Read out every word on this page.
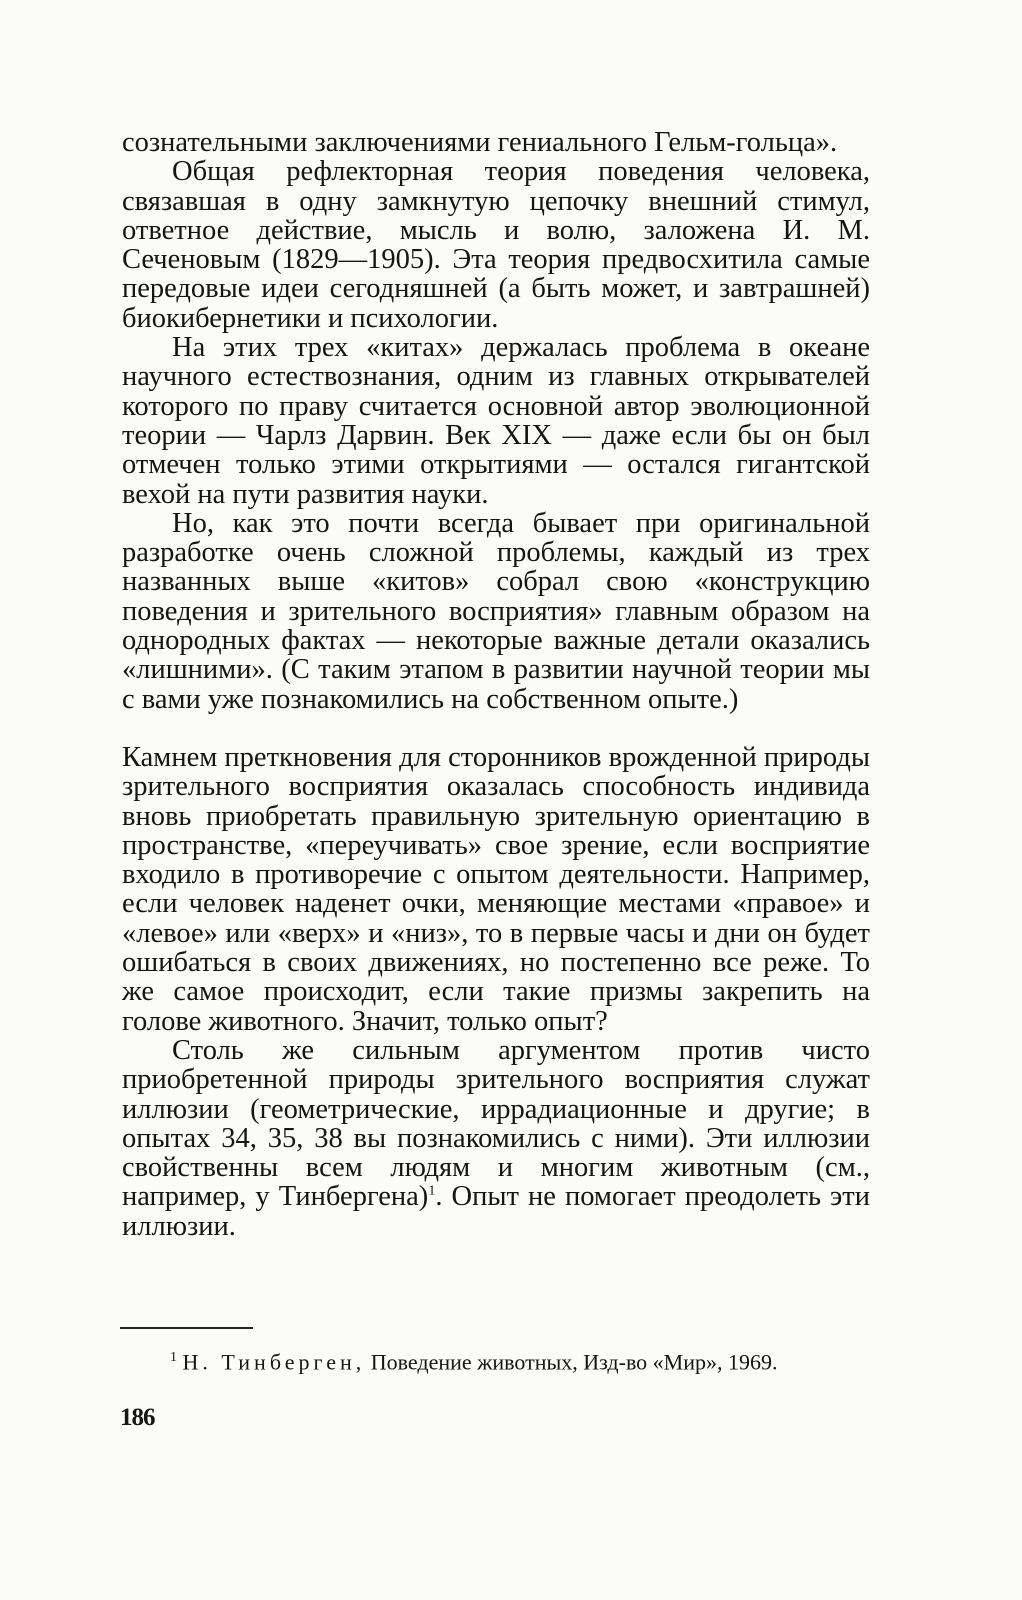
сознательными заключениями гениального Гельм-гольца».

Общая рефлекторная теория поведения человека, связавшая в одну замкнутую цепочку внешний стимул, ответное действие, мысль и волю, заложена И. М. Сеченовым (1829—1905). Эта теория предвосхитила самые передовые идеи сегодняшней (а быть может, и завтрашней) биокибернетики и психологии.

На этих трех «китах» держалась проблема в океане научного естествознания, одним из главных открывателей которого по праву считается основной автор эволюционной теории — Чарлз Дарвин. Век XIX — даже если бы он был отмечен только этими открытиями — остался гигантской вехой на пути развития науки.

Но, как это почти всегда бывает при оригинальной разработке очень сложной проблемы, каждый из трех названных выше «китов» собрал свою «конструкцию поведения и зрительного восприятия» главным образом на однородных фактах — некоторые важные детали оказались «лишними». (С таким этапом в развитии научной теории мы с вами уже познакомились на собственном опыте.)

Камнем преткновения для сторонников врожденной природы зрительного восприятия оказалась способность индивида вновь приобретать правильную зрительную ориентацию в пространстве, «переучивать» свое зрение, если восприятие входило в противоречие с опытом деятельности. Например, если человек наденет очки, меняющие местами «правое» и «левое» или «верх» и «низ», то в первые часы и дни он будет ошибаться в своих движениях, но постепенно все реже. То же самое происходит, если такие призмы закрепить на голове животного. Значит, только опыт?

Столь же сильным аргументом против чисто приобретенной природы зрительного восприятия служат иллюзии (геометрические, иррадиационные и другие; в опытах 34, 35, 38 вы познакомились с ними). Эти иллюзии свойственны всем людям и многим животным (см., например, у Тинбергена)$^1$. Опыт не помогает преодолеть эти иллюзии.

$^1$ Н. Тинберген, Поведение животных, Изд-во «Мир», 1969.

186
